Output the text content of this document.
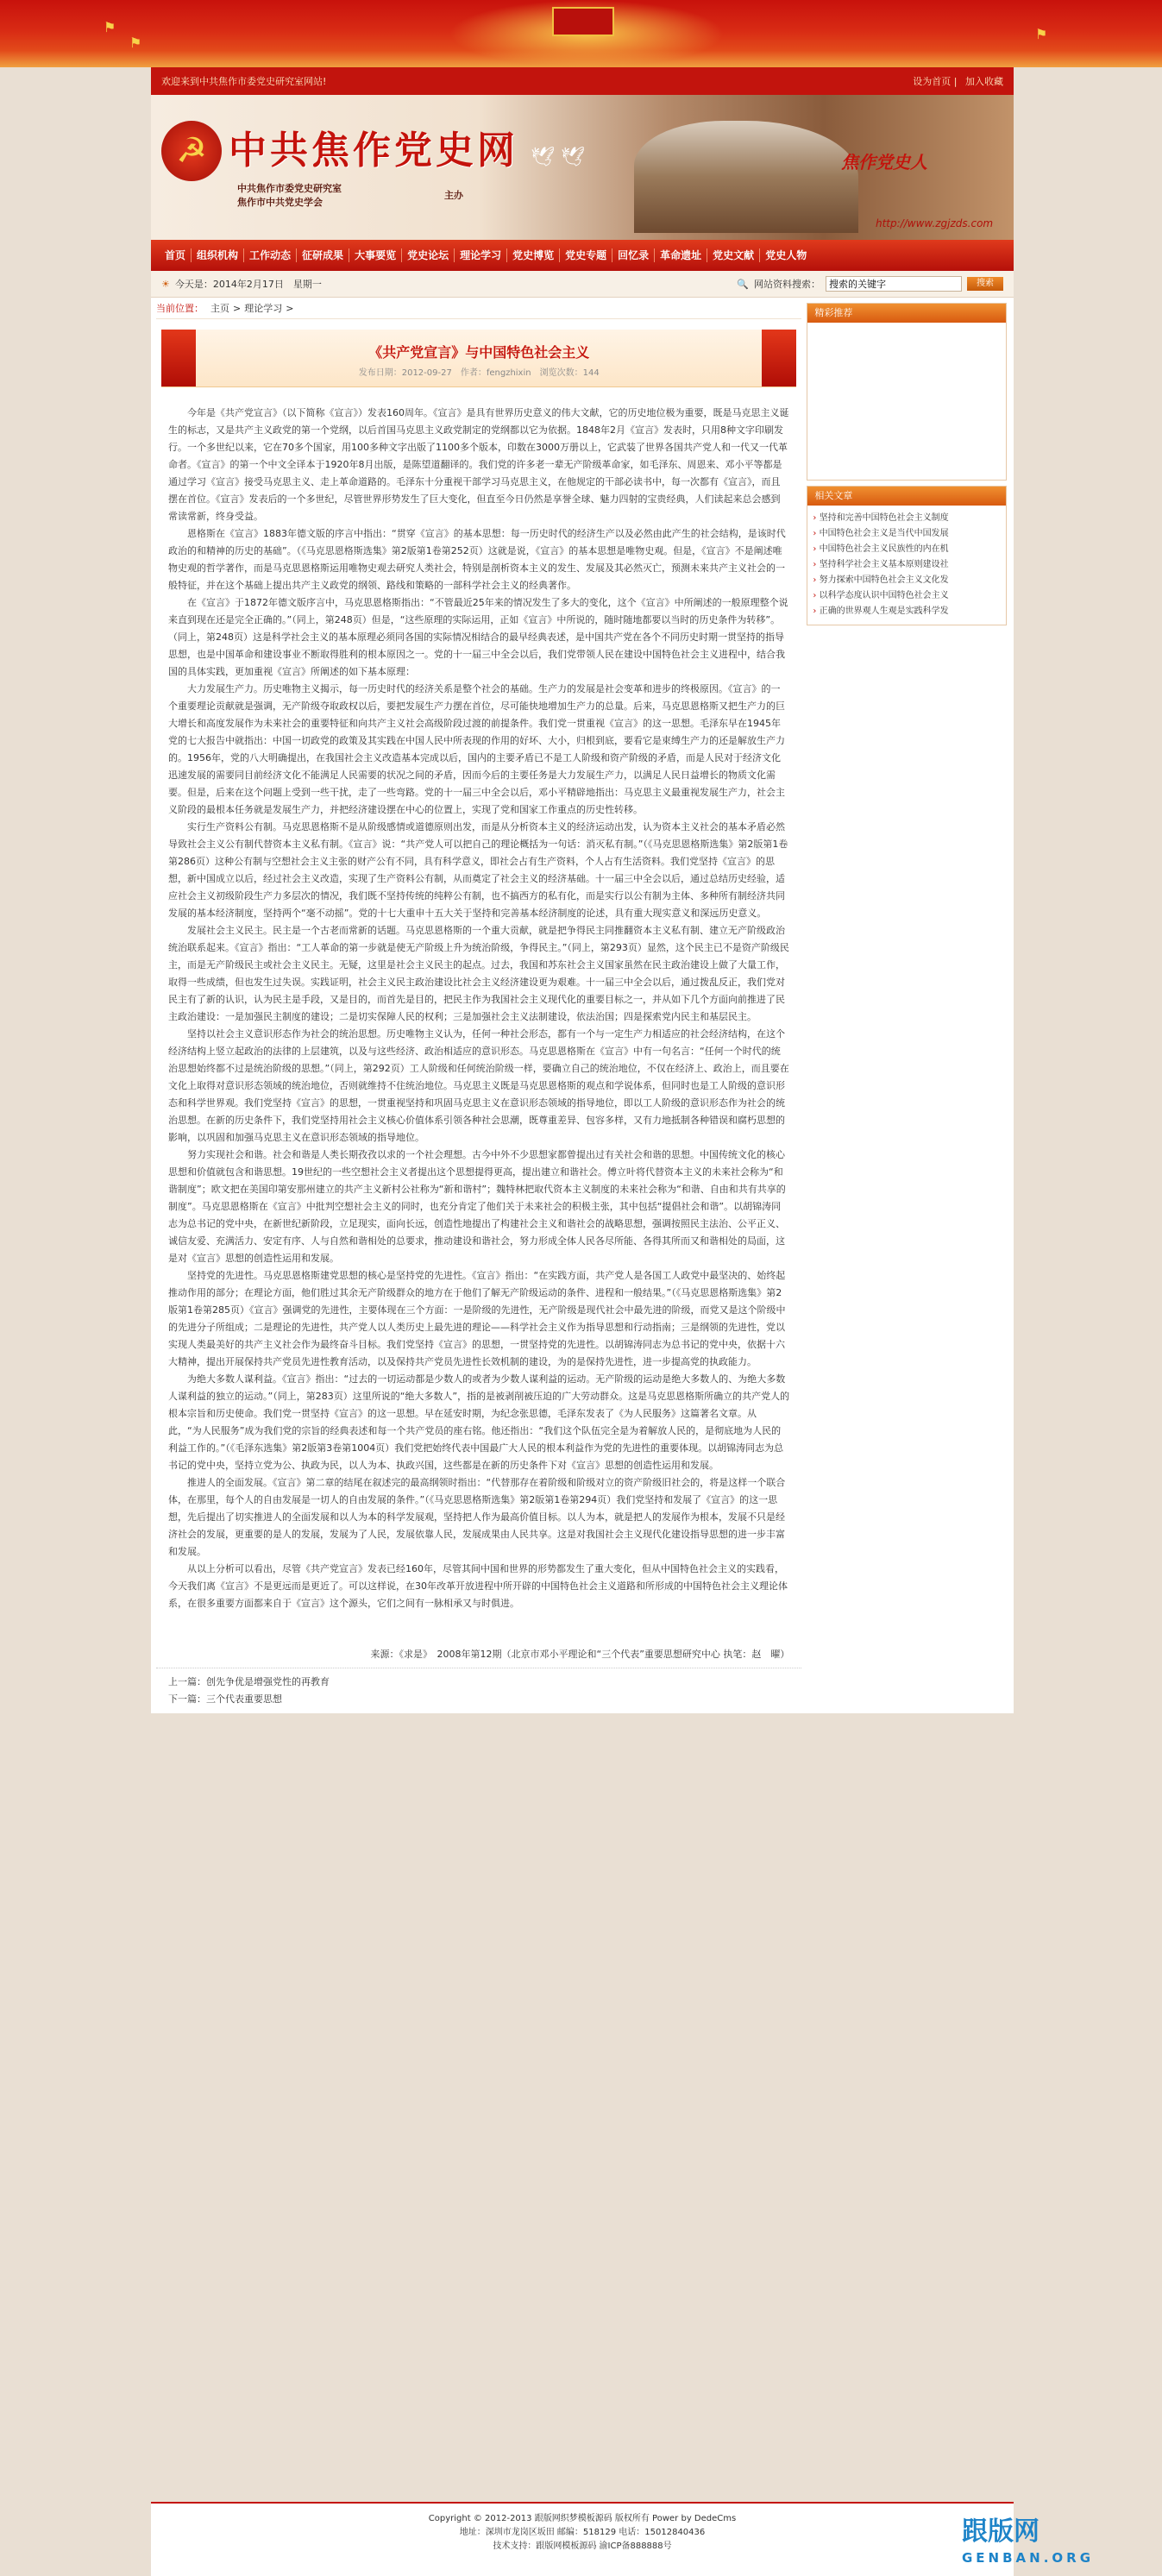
⚑
⚑
⚑
欢迎来到中共焦作市委党史研究室网站!	设为首页 | 加入收藏
☭ 中共焦作党史网
中共焦作市委党史研究室
焦作市中共党史学会
主办
🕊 🕊	焦作党史人
http://www.zgjzds.com
首页	组织机构	工作动态	征研成果	大事要览	党史论坛	理论学习	党史博览	党史专题	回忆录	革命遗址	党史文献	党史人物
☀ 今天是：2014年2月17日　星期一	🔍 网站资料搜索：
搜索的关键字	搜索
当前位置： 主页 > 理论学习 >
《共产党宣言》与中国特色社会主义
发布日期：2012-09-27　作者：fengzhixin　浏览次数：144

今年是《共产党宣言》（以下简称《宣言》）发表160周年。《宣言》是具有世界历史意义的伟大文献，它的历史地位极为重要，既是马克思主义诞生的标志，又是共产主义政党的第一个党纲，以后首国马克思主义政党制定的党纲都以它为依据。1848年2月《宣言》发表时，只用8种文字印刷发行。一个多世纪以来，它在70多个国家，用100多种文字出版了1100多个版本，印数在3000万册以上，它武装了世界各国共产党人和一代又一代革命者。《宣言》的第一个中文全译本于1920年8月出版，是陈望道翻译的。我们党的许多老一辈无产阶级革命家，如毛泽东、周恩来、邓小平等都是通过学习《宣言》接受马克思主义、走上革命道路的。毛泽东十分重视干部学习马克思主义，在他规定的干部必读书中，每一次都有《宣言》，而且摆在首位。《宣言》发表后的一个多世纪，尽管世界形势发生了巨大变化，但直至今日仍然是享誉全球、魅力四射的宝贵经典，人们读起来总会感到常读常新，终身受益。

恩格斯在《宣言》1883年德文版的序言中指出：“贯穿《宣言》的基本思想：每一历史时代的经济生产以及必然由此产生的社会结构，是该时代政治的和精神的历史的基础”。（《马克思恩格斯选集》第2版第1卷第252页）这就是说，《宣言》的基本思想是唯物史观。但是，《宣言》不是阐述唯物史观的哲学著作，而是马克思恩格斯运用唯物史观去研究人类社会，特别是剖析资本主义的发生、发展及其必然灭亡，预测未来共产主义社会的一般特征，并在这个基础上提出共产主义政党的纲领、路线和策略的一部科学社会主义的经典著作。

在《宣言》于1872年德文版序言中，马克思恩格斯指出：“不管最近25年来的情况发生了多大的变化，这个《宣言》中所阐述的一般原理整个说来直到现在还是完全正确的。”（同上，第248页）但是，“这些原理的实际运用，正如《宣言》中所说的，随时随地都要以当时的历史条件为转移”。（同上，第248页）这是科学社会主义的基本原理必须同各国的实际情况相结合的最早经典表述，是中国共产党在各个不同历史时期一贯坚持的指导思想，也是中国革命和建设事业不断取得胜利的根本原因之一。党的十一届三中全会以后，我们党带领人民在建设中国特色社会主义进程中，结合我国的具体实践，更加重视《宣言》所阐述的如下基本原理：

大力发展生产力。历史唯物主义揭示，每一历史时代的经济关系是整个社会的基础。生产力的发展是社会变革和进步的终极原因。《宣言》的一个重要理论贡献就是强调，无产阶级夺取政权以后，要把发展生产力摆在首位，尽可能快地增加生产力的总量。后来，马克思恩格斯又把生产力的巨大增长和高度发展作为未来社会的重要特征和向共产主义社会高级阶段过渡的前提条件。我们党一贯重视《宣言》的这一思想。毛泽东早在1945年党的七大报告中就指出：中国一切政党的政策及其实践在中国人民中所表现的作用的好坏、大小，归根到底，要看它是束缚生产力的还是解放生产力的。1956年，党的八大明确提出，在我国社会主义改造基本完成以后，国内的主要矛盾已不是工人阶级和资产阶级的矛盾，而是人民对于经济文化迅速发展的需要同目前经济文化不能满足人民需要的状况之间的矛盾，因而今后的主要任务是大力发展生产力，以满足人民日益增长的物质文化需要。但是，后来在这个问题上受到一些干扰，走了一些弯路。党的十一届三中全会以后，邓小平精辟地指出：马克思主义最重视发展生产力，社会主义阶段的最根本任务就是发展生产力，并把经济建设摆在中心的位置上，实现了党和国家工作重点的历史性转移。

实行生产资料公有制。马克思恩格斯不是从阶级感情或道德原则出发，而是从分析资本主义的经济运动出发，认为资本主义社会的基本矛盾必然导致社会主义公有制代替资本主义私有制。《宣言》说：“共产党人可以把自己的理论概括为一句话：消灭私有制。”（《马克思恩格斯选集》第2版第1卷第286页）这种公有制与空想社会主义主张的财产公有不同，具有科学意义，即社会占有生产资料，个人占有生活资料。我们党坚持《宣言》的思想，新中国成立以后，经过社会主义改造，实现了生产资料公有制，从而奠定了社会主义的经济基础。十一届三中全会以后，通过总结历史经验，适应社会主义初级阶段生产力多层次的情况，我们既不坚持传统的纯粹公有制，也不搞西方的私有化，而是实行以公有制为主体、多种所有制经济共同发展的基本经济制度，坚持两个“毫不动摇”。党的十七大重申十五大关于坚持和完善基本经济制度的论述，具有重大现实意义和深远历史意义。

发展社会主义民主。民主是一个古老而常新的话题。马克思恩格斯的一个重大贡献，就是把争得民主同推翻资本主义私有制、建立无产阶级政治统治联系起来。《宣言》指出：“工人革命的第一步就是使无产阶级上升为统治阶级，争得民主。”（同上，第293页）显然，这个民主已不是资产阶级民主，而是无产阶级民主或社会主义民主。无疑，这里是社会主义民主的起点。过去，我国和苏东社会主义国家虽然在民主政治建设上做了大量工作，取得一些成绩，但也发生过失误。实践证明，社会主义民主政治建设比社会主义经济建设更为艰难。十一届三中全会以后，通过拨乱反正，我们党对民主有了新的认识，认为民主是手段，又是目的，而首先是目的，把民主作为我国社会主义现代化的重要目标之一，并从如下几个方面向前推进了民主政治建设：一是加强民主制度的建设；二是切实保障人民的权利；三是加强社会主义法制建设，依法治国；四是探索党内民主和基层民主。

坚持以社会主义意识形态作为社会的统治思想。历史唯物主义认为，任何一种社会形态，都有一个与一定生产力相适应的社会经济结构，在这个经济结构上竖立起政治的法律的上层建筑，以及与这些经济、政治相适应的意识形态。马克思恩格斯在《宣言》中有一句名言：“任何一个时代的统治思想始终都不过是统治阶级的思想。”（同上，第292页）工人阶级和任何统治阶级一样，要确立自己的统治地位，不仅在经济上、政治上，而且要在文化上取得对意识形态领域的统治地位，否则就维持不住统治地位。马克思主义既是马克思恩格斯的观点和学说体系，但同时也是工人阶级的意识形态和科学世界观。我们党坚持《宣言》的思想，一贯重视坚持和巩固马克思主义在意识形态领域的指导地位，即以工人阶级的意识形态作为社会的统治思想。在新的历史条件下，我们党坚持用社会主义核心价值体系引领各种社会思潮，既尊重差异、包容多样，又有力地抵制各种错误和腐朽思想的影响，以巩固和加强马克思主义在意识形态领域的指导地位。

努力实现社会和谐。社会和谐是人类长期孜孜以求的一个社会理想。古今中外不少思想家都曾提出过有关社会和谐的思想。中国传统文化的核心思想和价值就包含和谐思想。19世纪的一些空想社会主义者提出这个思想提得更高，提出建立和谐社会。傅立叶将代替资本主义的未来社会称为“和谐制度”；欧文把在美国印第安那州建立的共产主义新村公社称为“新和谐村”；魏特林把取代资本主义制度的未来社会称为“和谐、自由和共有共享的制度”。马克思恩格斯在《宣言》中批判空想社会主义的同时，也充分肯定了他们关于未来社会的积极主张，其中包括“提倡社会和谐”。以胡锦涛同志为总书记的党中央，在新世纪新阶段，立足现实，面向长远，创造性地提出了构建社会主义和谐社会的战略思想，强调按照民主法治、公平正义、诚信友爱、充满活力、安定有序、人与自然和谐相处的总要求，推动建设和谐社会，努力形成全体人民各尽所能、各得其所而又和谐相处的局面，这是对《宣言》思想的创造性运用和发展。

坚持党的先进性。马克思恩格斯建党思想的核心是坚持党的先进性。《宣言》指出：“在实践方面，共产党人是各国工人政党中最坚决的、始终起推动作用的部分；在理论方面，他们胜过其余无产阶级群众的地方在于他们了解无产阶级运动的条件、进程和一般结果。”（《马克思恩格斯选集》第2版第1卷第285页）《宣言》强调党的先进性，主要体现在三个方面：一是阶级的先进性，无产阶级是现代社会中最先进的阶级，而党又是这个阶级中的先进分子所组成；二是理论的先进性，共产党人以人类历史上最先进的理论——科学社会主义作为指导思想和行动指南；三是纲领的先进性，党以实现人类最美好的共产主义社会作为最终奋斗目标。我们党坚持《宣言》的思想，一贯坚持党的先进性。以胡锦涛同志为总书记的党中央，依据十六大精神，提出开展保持共产党员先进性教育活动，以及保持共产党员先进性长效机制的建设，为的是保持先进性，进一步提高党的执政能力。

为绝大多数人谋利益。《宣言》指出：“过去的一切运动都是少数人的或者为少数人谋利益的运动。无产阶级的运动是绝大多数人的、为绝大多数人谋利益的独立的运动。”（同上，第283页）这里所说的“绝大多数人”，指的是被剥削被压迫的广大劳动群众。这是马克思恩格斯所确立的共产党人的根本宗旨和历史使命。我们党一贯坚持《宣言》的这一思想。早在延安时期，为纪念张思德，毛泽东发表了《为人民服务》这篇著名文章。从此，“为人民服务”成为我们党的宗旨的经典表述和每一个共产党员的座右铭。他还指出：“我们这个队伍完全是为着解放人民的，是彻底地为人民的利益工作的。”（《毛泽东选集》第2版第3卷第1004页）我们党把始终代表中国最广大人民的根本利益作为党的先进性的重要体现。以胡锦涛同志为总书记的党中央，坚持立党为公、执政为民，以人为本、执政兴国，这些都是在新的历史条件下对《宣言》思想的创造性运用和发展。

推进人的全面发展。《宣言》第二章的结尾在叙述完的最高纲领时指出：“代替那存在着阶级和阶级对立的资产阶级旧社会的，将是这样一个联合体，在那里，每个人的自由发展是一切人的自由发展的条件。”（《马克思恩格斯选集》第2版第1卷第294页）我们党坚持和发展了《宣言》的这一思想，先后提出了切实推进人的全面发展和以人为本的科学发展观，坚持把人作为最高价值目标。以人为本，就是把人的发展作为根本，发展不只是经济社会的发展，更重要的是人的发展，发展为了人民，发展依靠人民，发展成果由人民共享。这是对我国社会主义现代化建设指导思想的进一步丰富和发展。

从以上分析可以看出，尽管《共产党宣言》发表已经160年，尽管其间中国和世界的形势都发生了重大变化，但从中国特色社会主义的实践看，今天我们离《宣言》不是更远而是更近了。可以这样说，在30年改革开放进程中所开辟的中国特色社会主义道路和所形成的中国特色社会主义理论体系，在很多重要方面都来自于《宣言》这个源头，它们之间有一脉相承又与时俱进。

来源：《求是》　2008年第12期（北京市邓小平理论和“三个代表”重要思想研究中心 执笔：赵　曜）
上一篇：创先争优是增强党性的再教育
下一篇：三个代表重要思想
精彩推荐
相关文章
› 坚持和完善中国特色社会主义制度
› 中国特色社会主义是当代中国发展
› 中国特色社会主义民族性的内在机
› 坚持科学社会主义基本原则建设社
› 努力探索中国特色社会主义文化发
› 以科学态度认识中国特色社会主义
› 正确的世界观人生观是实践科学发
Copyright © 2012-2013 跟版网织梦模板源码 版权所有 Power by DedeCms
地址：深圳市龙岗区坂田 邮编：518129 电话：15012840436
技术支持：跟版网模板源码 渝ICP备888888号	跟版网
GENBAN.ORG
